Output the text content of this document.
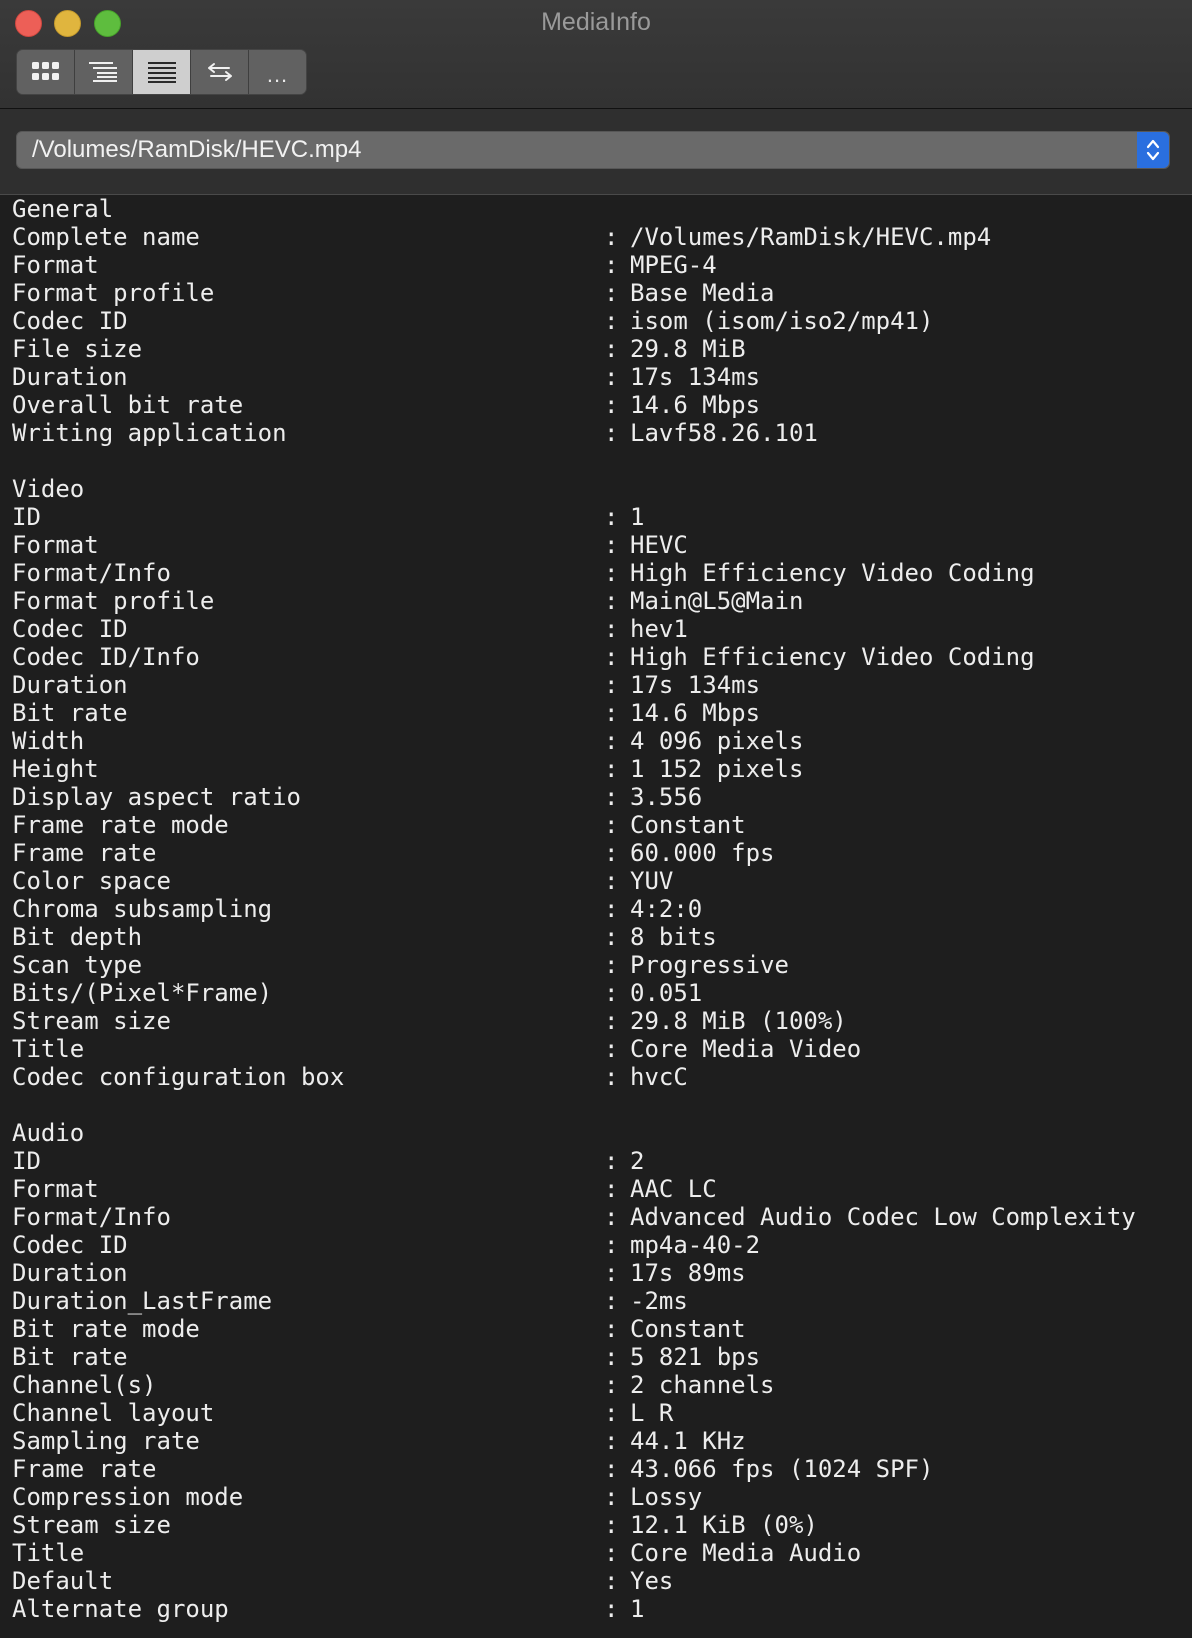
MediaInfo
...
/Volumes/RamDisk/HEVC.mp4
General
Complete name	: /Volumes/RamDisk/HEVC.mp4
Format	: MPEG-4
Format profile	: Base Media
Codec ID	: isom (isom/iso2/mp41)
File size	: 29.8 MiB
Duration	: 17s 134ms
Overall bit rate	: 14.6 Mbps
Writing application	: Lavf58.26.101
Video
ID	: 1
Format	: HEVC
Format/Info	: High Efficiency Video Coding
Format profile	: Main@L5@Main
Codec ID	: hev1
Codec ID/Info	: High Efficiency Video Coding
Duration	: 17s 134ms
Bit rate	: 14.6 Mbps
Width	: 4 096 pixels
Height	: 1 152 pixels
Display aspect ratio	: 3.556
Frame rate mode	: Constant
Frame rate	: 60.000 fps
Color space	: YUV
Chroma subsampling	: 4:2:0
Bit depth	: 8 bits
Scan type	: Progressive
Bits/(Pixel*Frame)	: 0.051
Stream size	: 29.8 MiB (100%)
Title	: Core Media Video
Codec configuration box	: hvcC
Audio
ID	: 2
Format	: AAC LC
Format/Info	: Advanced Audio Codec Low Complexity
Codec ID	: mp4a-40-2
Duration	: 17s 89ms
Duration_LastFrame	: -2ms
Bit rate mode	: Constant
Bit rate	: 5 821 bps
Channel(s)	: 2 channels
Channel layout	: L R
Sampling rate	: 44.1 KHz
Frame rate	: 43.066 fps (1024 SPF)
Compression mode	: Lossy
Stream size	: 12.1 KiB (0%)
Title	: Core Media Audio
Default	: Yes
Alternate group	: 1
